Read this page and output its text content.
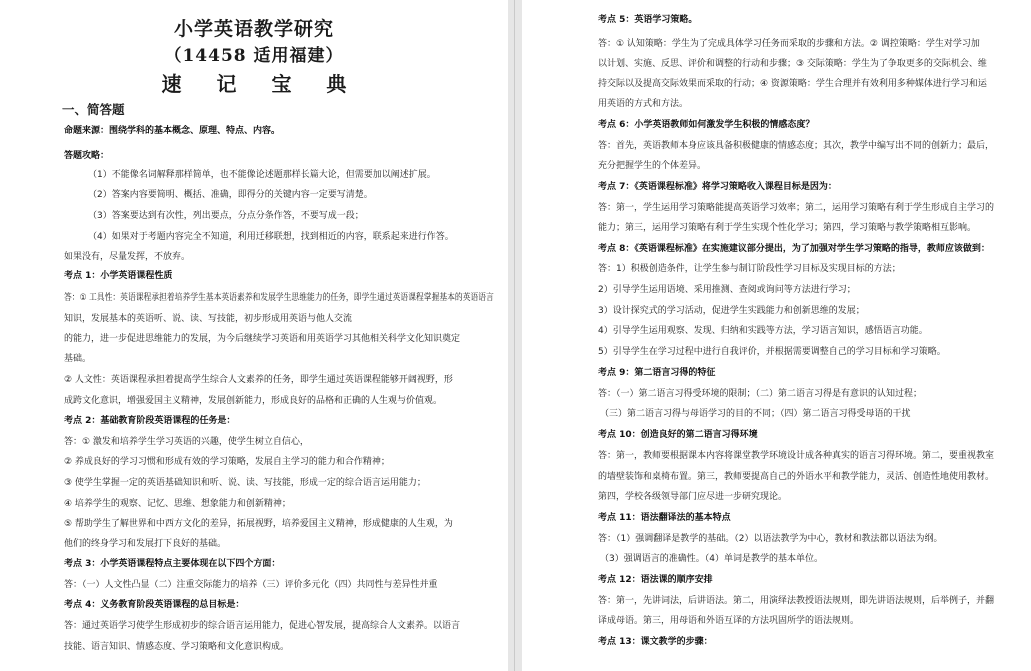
小学英语教学研究
（14458 适用福建）
速 记 宝 典
一、简答题
命题来源：围绕学科的基本概念、原理、特点、内容。
答题攻略：
（1）不能像名词解释那样简单，也不能像论述题那样长篇大论，但需要加以阐述扩展。
（2）答案内容要简明、概括、准确，即得分的关键内容一定要写清楚。
（3）答案要达到有次性，列出要点，分点分条作答，不要写成一段；
（4）如果对于考题内容完全不知道，利用迁移联想，找到相近的内容，联系起来进行作答。
如果没有，尽量发挥，不放弃。
考点 1：小学英语课程性质
答：① 工具性：英语课程承担着培养学生基本英语素养和发展学生思维能力的任务，即学生通过英语课程掌握基本的英语语言
知识，发展基本的英语听、说、读、写技能，初步形成用英语与他人交流
的能力，进一步促进思维能力的发展，为今后继续学习英语和用英语学习其他相关科学文化知识奠定
基础。
② 人文性：英语课程承担着提高学生综合人文素养的任务，即学生通过英语课程能够开阔视野，形
成跨文化意识，增强爱国主义精神，发展创新能力，形成良好的品格和正确的人生观与价值观。
考点 2：基础教育阶段英语课程的任务是：
答：① 激发和培养学生学习英语的兴趣，使学生树立自信心，
② 养成良好的学习习惯和形成有效的学习策略，发展自主学习的能力和合作精神；
③ 使学生掌握一定的英语基础知识和听、说、读、写技能，形成一定的综合语言运用能力；
④ 培养学生的观察、记忆、思维、想象能力和创新精神；
⑤ 帮助学生了解世界和中西方文化的差异，拓展视野，培养爱国主义精神，形成健康的人生观，为
他们的终身学习和发展打下良好的基础。
考点 3：小学英语课程特点主要体现在以下四个方面：
答：（一）人文性凸显（二）注重交际能力的培养（三）评价多元化（四）共同性与差异性并重
考点 4：义务教育阶段英语课程的总目标是：
答：通过英语学习使学生形成初步的综合语言运用能力，促进心智发展，提高综合人文素养。以语言
技能、语言知识、情感态度、学习策略和文化意识构成。
考点 5：英语学习策略。
答：① 认知策略：学生为了完成具体学习任务而采取的步骤和方法。② 调控策略：学生对学习加
以计划、实施、反思、评价和调整的行动和步骤；③ 交际策略：学生为了争取更多的交际机会、维
持交际以及提高交际效果而采取的行动；④ 资源策略：学生合理并有效利用多种媒体进行学习和运
用英语的方式和方法。
考点 6：小学英语教师如何激发学生积极的情感态度？
答：首先，英语教师本身应该具备积极健康的情感态度；其次，教学中编写出不同的创新力；最后，
充分把握学生的个体差异。
考点 7：《英语课程标准》将学习策略收入课程目标是因为：
答：第一，学生运用学习策略能提高英语学习效率；第二，运用学习策略有利于学生形成自主学习的
能力；第三，运用学习策略有利于学生实现个性化学习；第四，学习策略与教学策略相互影响。
考点 8：《英语课程标准》在实施建议部分提出，为了加强对学生学习策略的指导，教师应该做到：
答：1）积极创造条件，让学生参与制订阶段性学习目标及实现目标的方法；
2）引导学生运用语境、采用推测、查阅或询问等方法进行学习；
3）设计探究式的学习活动，促进学生实践能力和创新思维的发展；
4）引导学生运用观察、发现、归纳和实践等方法，学习语言知识，感悟语言功能。
5）引导学生在学习过程中进行自我评价，并根据需要调整自己的学习目标和学习策略。
考点 9：第二语言习得的特征
答：（一）第二语言习得受环境的限制；（二）第二语言习得是有意识的认知过程；
（三）第二语言习得与母语学习的目的不同；（四）第二语言习得受母语的干扰
考点 10：创造良好的第二语言习得环境
答：第一，教师要根据课本内容将课堂教学环境设计成各种真实的语言习得环境。第二，要重视教室
的墙壁装饰和桌椅布置。第三，教师要提高自己的外语水平和教学能力，灵活、创造性地使用教材。
第四，学校各级领导部门应尽进一步研究现论。
考点 11：语法翻译法的基本特点
答：（1）强调翻译是教学的基础。（2）以语法教学为中心，教材和教法都以语法为纲。
（3）强调语言的准确性。（4）单词是教学的基本单位。
考点 12：语法课的顺序安排
答：第一，先讲词法，后讲语法。第二，用演绎法教授语法规则，即先讲语法规则，后举例子，并翻
译成母语。第三，用母语和外语互译的方法巩固所学的语法规则。
考点 13：课文教学的步骤：
